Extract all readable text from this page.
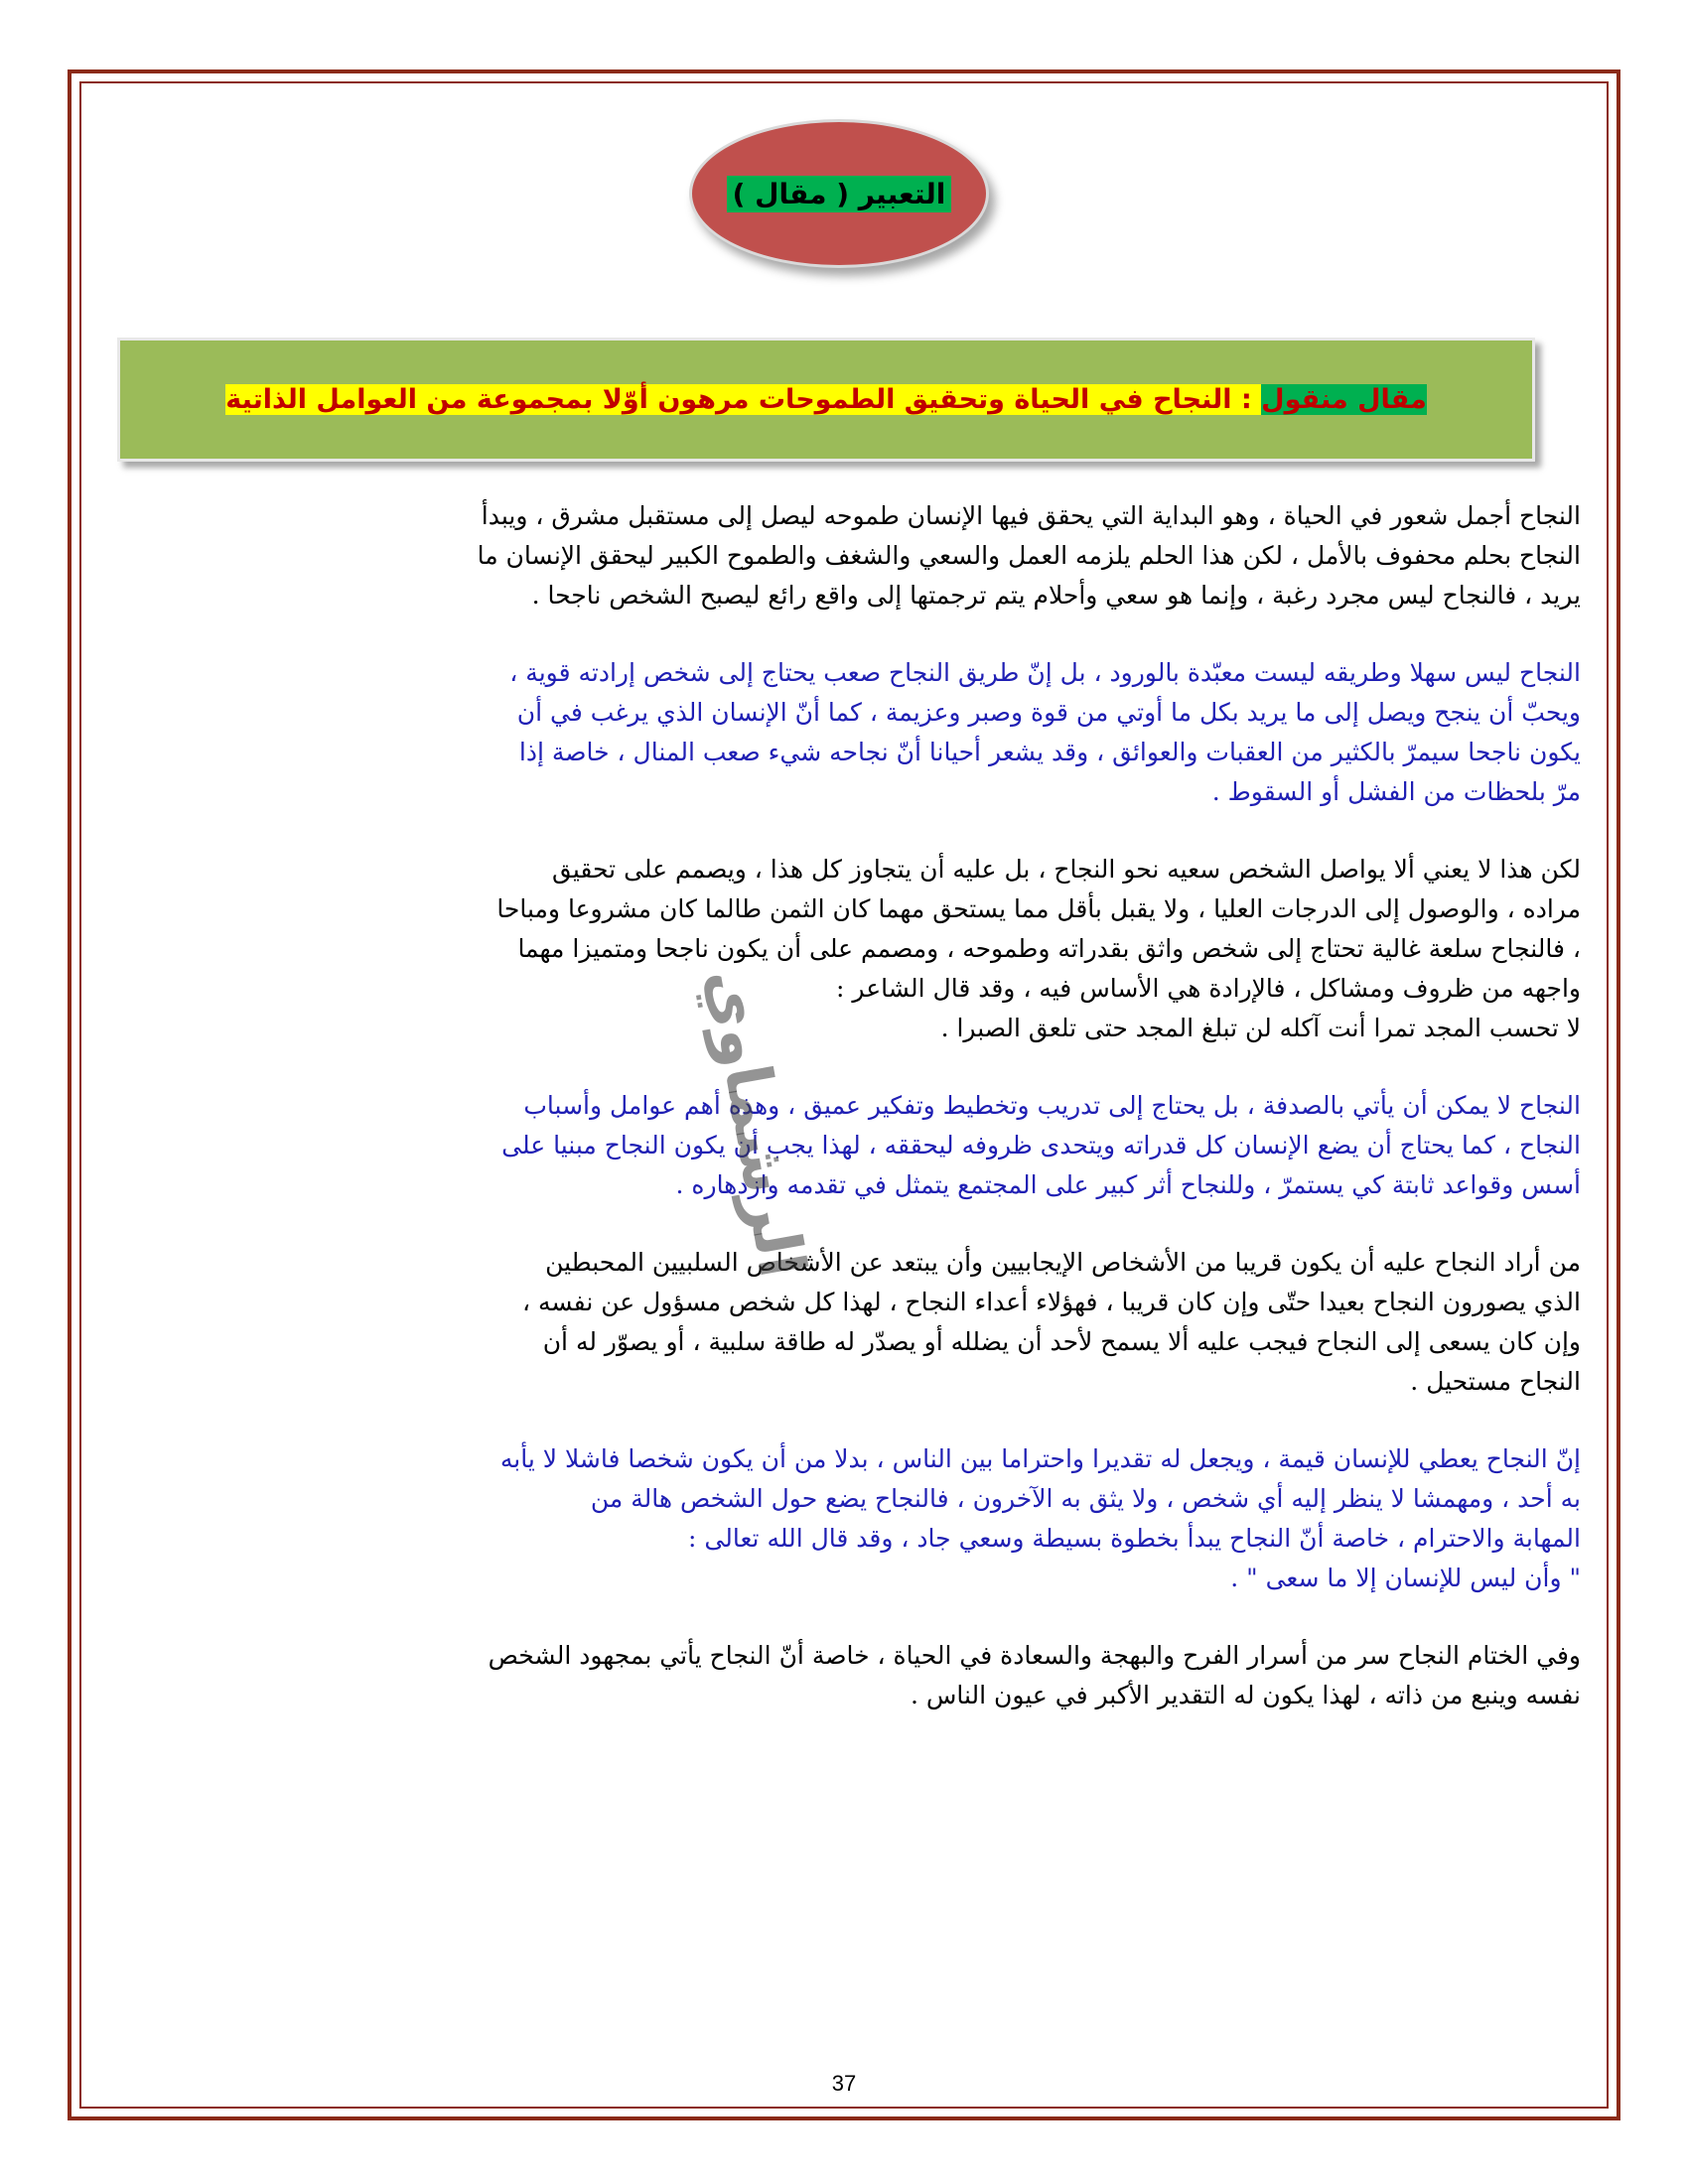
التعبير ( مقال )
مقال منقول : النجاح في الحياة وتحقيق الطموحات مرهون أوّلا بمجموعة من العوامل الذاتية

النجاح أجمل شعور في الحياة ، وهو البداية التي يحقق فيها الإنسان طموحه ليصل إلى مستقبل مشرق ، ويبدأ
النجاح بحلم محفوف بالأمل ، لكن هذا الحلم يلزمه العمل والسعي والشغف والطموح الكبير ليحقق الإنسان ما
يريد ، فالنجاح ليس مجرد رغبة ، وإنما هو سعي وأحلام يتم ترجمتها إلى واقع رائع ليصبح الشخص ناجحا .

النجاح ليس سهلا وطريقه ليست معبّدة بالورود ، بل إنّ طريق النجاح صعب يحتاج إلى شخص إرادته قوية ،
ويحبّ أن ينجح ويصل إلى ما يريد بكل ما أوتي من قوة وصبر وعزيمة ، كما أنّ الإنسان الذي يرغب في أن
يكون ناجحا سيمرّ بالكثير من العقبات والعوائق ، وقد يشعر أحيانا أنّ نجاحه شيء صعب المنال ، خاصة إذا
مرّ بلحظات من الفشل أو السقوط .

لكن هذا لا يعني ألا يواصل الشخص سعيه نحو النجاح ، بل عليه أن يتجاوز كل هذا ، ويصمم على تحقيق
مراده ، والوصول إلى الدرجات العليا ، ولا يقبل بأقل مما يستحق مهما كان الثمن طالما كان مشروعا ومباحا
، فالنجاح سلعة غالية تحتاج إلى شخص واثق بقدراته وطموحه ، ومصمم على أن يكون ناجحا ومتميزا مهما
واجهه من ظروف ومشاكل ، فالإرادة هي الأساس فيه ، وقد قال الشاعر :
لا تحسب المجد تمرا أنت آكله لن تبلغ المجد حتى تلعق الصبرا .

النجاح لا يمكن أن يأتي بالصدفة ، بل يحتاج إلى تدريب وتخطيط وتفكير عميق ، وهذه أهم عوامل وأسباب
النجاح ، كما يحتاج أن يضع الإنسان كل قدراته ويتحدى ظروفه ليحققه ، لهذا يجب أن يكون النجاح مبنيا على
أسس وقواعد ثابتة كي يستمرّ ، وللنجاح أثر كبير على المجتمع يتمثل في تقدمه وازدهاره .

من أراد النجاح عليه أن يكون قريبا من الأشخاص الإيجابيين وأن يبتعد عن الأشخاص السلبيين المحبطين
الذي يصورون النجاح بعيدا حتّى وإن كان قريبا ، فهؤلاء أعداء النجاح ، لهذا كل شخص مسؤول عن نفسه ،
وإن كان يسعى إلى النجاح فيجب عليه ألا يسمح لأحد أن يضلله أو يصدّر له طاقة سلبية ، أو يصوّر له أن
النجاح مستحيل .

إنّ النجاح يعطي للإنسان قيمة ، ويجعل له تقديرا واحتراما بين الناس ، بدلا من أن يكون شخصا فاشلا لا يأبه
به أحد ، ومهمشا لا ينظر إليه أي شخص ، ولا يثق به الآخرون ، فالنجاح يضع حول الشخص هالة من
المهابة والاحترام ، خاصة أنّ النجاح يبدأ بخطوة بسيطة وسعي جاد ، وقد قال الله تعالى :
" وأن ليس للإنسان إلا ما سعى " .

وفي الختام النجاح سر من أسرار الفرح والبهجة والسعادة في الحياة ، خاصة أنّ النجاح يأتي بمجهود الشخص
نفسه وينبع من ذاته ، لهذا يكون له التقدير الأكبر في عيون الناس .

الرشماوي
37
